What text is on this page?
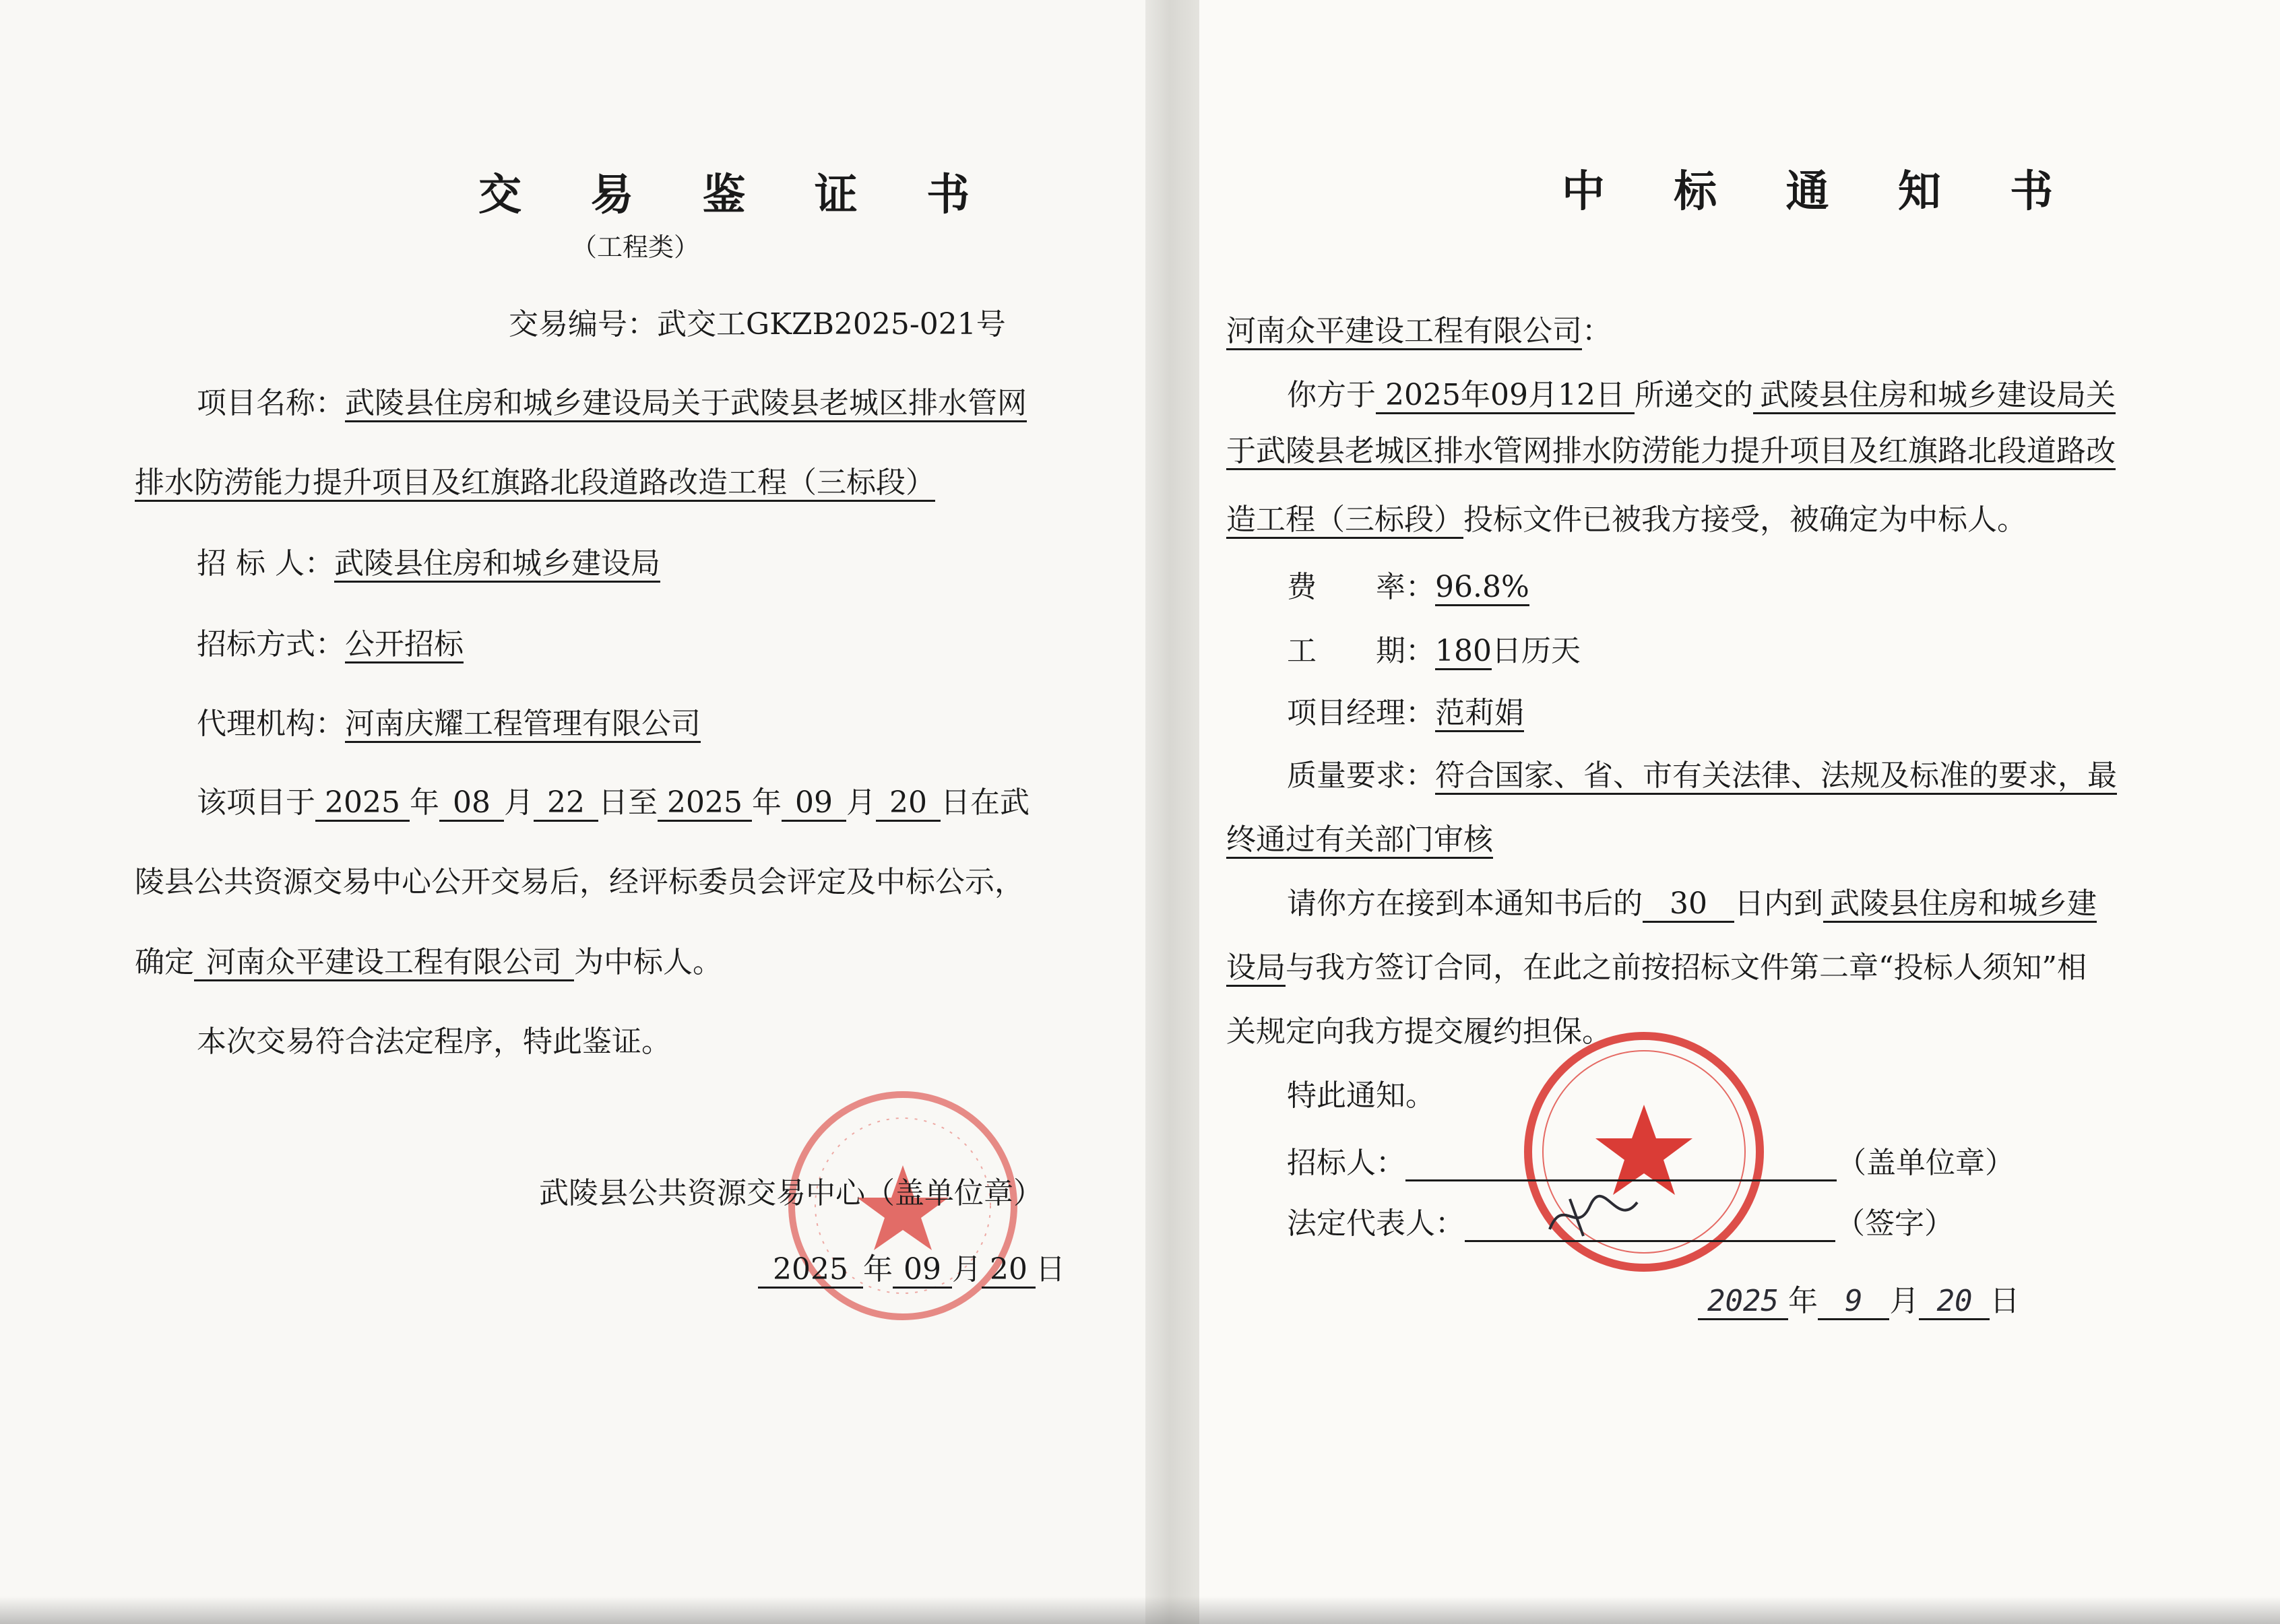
交 易 鉴 证 书
（工程类）
交易编号：武交工GKZB2025-021号
项目名称：武陵县住房和城乡建设局关于武陵县老城区排水管网
排水防涝能力提升项目及红旗路北段道路改造工程（三标段）
招 标 人：武陵县住房和城乡建设局
招标方式：公开招标
代理机构：河南庆耀工程管理有限公司
该项目于 2025 年 08 月 22 日至 2025 年 09 月 20 日在武
陵县公共资源交易中心公开交易后，经评标委员会评定及中标公示，
确定 河南众平建设工程有限公司 为中标人。
本次交易符合法定程序，特此鉴证。
武陵县公共资源交易中心（盖单位章）
2025 年 09 月 20 日
中 标 通 知 书
河南众平建设工程有限公司：
你方于 2025年09月12日 所递交的 武陵县住房和城乡建设局关
于武陵县老城区排水管网排水防涝能力提升项目及红旗路北段道路改
造工程（三标段）投标文件已被我方接受，被确定为中标人。
费　　率：96.8%
工　　期：180日历天
项目经理：范莉娟
质量要求：符合国家、省、市有关法律、法规及标准的要求，最
终通过有关部门审核
请你方在接到本通知书后的 30 日内到 武陵县住房和城乡建
设局与我方签订合同，在此之前按招标文件第二章“投标人须知”相
关规定向我方提交履约担保。
特此通知。
招标人：	（盖单位章）
法定代表人：	（签字）
2025 年 9 月 20 日
